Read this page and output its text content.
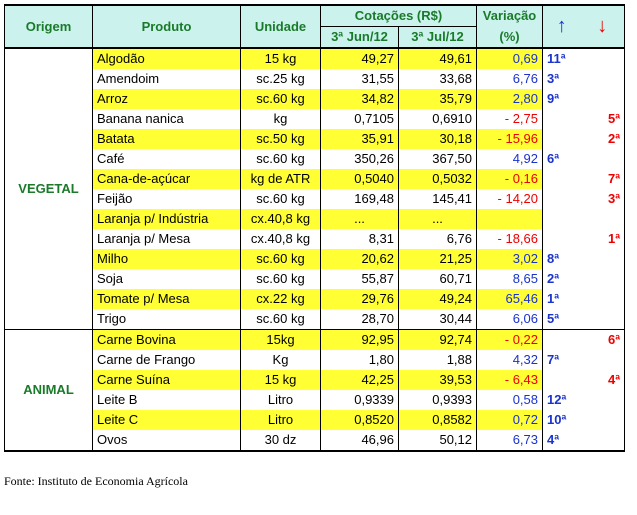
Origem	Produto	Unidade	Cotações (R$)		Variação	↑	↓
			3ª Jun/12	3ª Jul/12	(%)		
VEGETAL	Algodão	15 kg	49,27	49,61	0,69	11ª	
	Amendoim	sc.25 kg	31,55	33,68	6,76	3ª	
	Arroz	sc.60 kg	34,82	35,79	2,80	9ª	
	Banana nanica	kg	0,7105	0,6910	- 2,75		5ª
	Batata	sc.50 kg	35,91	30,18	- 15,96		2ª
	Café	sc.60 kg	350,26	367,50	4,92	6ª	
	Cana-de-açúcar	kg de ATR	0,5040	0,5032	- 0,16		7ª
	Feijão	sc.60 kg	169,48	145,41	- 14,20		3ª
	Laranja p/ Indústria	cx.40,8 kg	...	...			
	Laranja p/ Mesa	cx.40,8 kg	8,31	6,76	- 18,66		1ª
	Milho	sc.60 kg	20,62	21,25	3,02	8ª	
	Soja	sc.60 kg	55,87	60,71	8,65	2ª	
	Tomate p/ Mesa	cx.22 kg	29,76	49,24	65,46	1ª	
	Trigo	sc.60 kg	28,70	30,44	6,06	5ª	
ANIMAL	Carne Bovina	15kg	92,95	92,74	- 0,22		6ª
	Carne de Frango	Kg	1,80	1,88	4,32	7ª	
	Carne Suína	15 kg	42,25	39,53	- 6,43		4ª
	Leite B	Litro	0,9339	0,9393	0,58	12ª	
	Leite C	Litro	0,8520	0,8582	0,72	10ª	
	Ovos	30 dz	46,96	50,12	6,73	4ª	
Fonte: Instituto de Economia Agrícola
